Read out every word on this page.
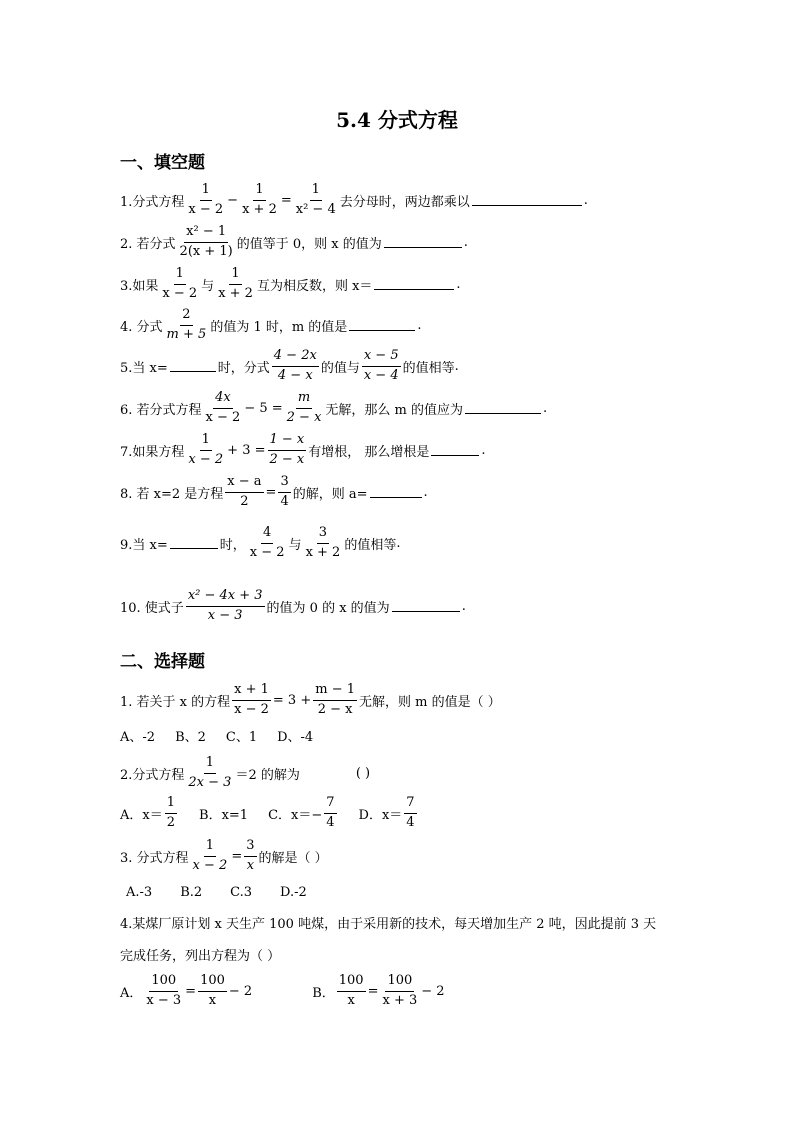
5.4 分式方程
一、填空题
1.分式方程 $\frac{1}{x - 2} - \frac{1}{x + 2} = \frac{1}{\text{x² − 4}}$ 去分母时，两边都乘以	.
2. 若分式 $\frac{\text{x² − 1}}{2(x + 1)}$ 的值等于 0，则 x 的值为	.
3.如果 $\frac{1}{x - 2}$ 与 $\frac{1}{x + 2}$ 互为相反数，则 x＝	.
4. 分式 $\frac{2}{m + 5}$ 的值为 1 时，m 的值是	.
5.当 x=	时，分式 $\frac{4 - 2x}{4 - x}$ 的值与 $\frac{x - 5}{x - 4}$ 的值相等 .
6. 若分式方程 $\frac{4x}{x - 2} - 5 = \frac{m}{2 - x}$ 无解，那么 m 的值应为	.
7.如果方程 $\frac{1}{x - 2} + 3 = \frac{1 - x}{2 - x}$ 有增根， 那么增根是	.
8. 若 x=2 是方程 $\frac{x - a}{2} = \frac{3}{4}$ 的解，则 a=	.
9.当 x=	时， $\frac{4}{x - 2}$ 与 $\frac{3}{x + 2}$ 的值相等 .
10. 使式子 $\frac{\text{x² − 4x + 3}}{x - 3}$ 的值为 0 的 x 的值为	.
二、选择题
1. 若关于 x 的方程 $\frac{x + 1}{x - 2} = 3 + \frac{m - 1}{2 - x}$ 无解，则 m 的值是（ ）
A、-2 B、2 C、1 D、-4
2.分式方程 $\frac{1}{2x - 3} =2$ 的解为	( )
A．$x= \frac{1}{2}$ B．x=1 C．$x=- \frac{7}{4}$ D．$x= \frac{7}{4}$
3. 分式方程 $\frac{1}{x - 2} = \frac{3}{x}$ 的解是（ ）
A.-3 B.2 C.3 D.-2
4.某煤厂原计划 x 天生产 100 吨煤，由于采用新的技术，每天增加生产 2 吨，因此提前 3 天
完成任务，列出方程为（ ）
A． $\frac{100}{x - 3} = \frac{100}{x} - 2$	B． $\frac{100}{x} = \frac{100}{x + 3} - 2$
